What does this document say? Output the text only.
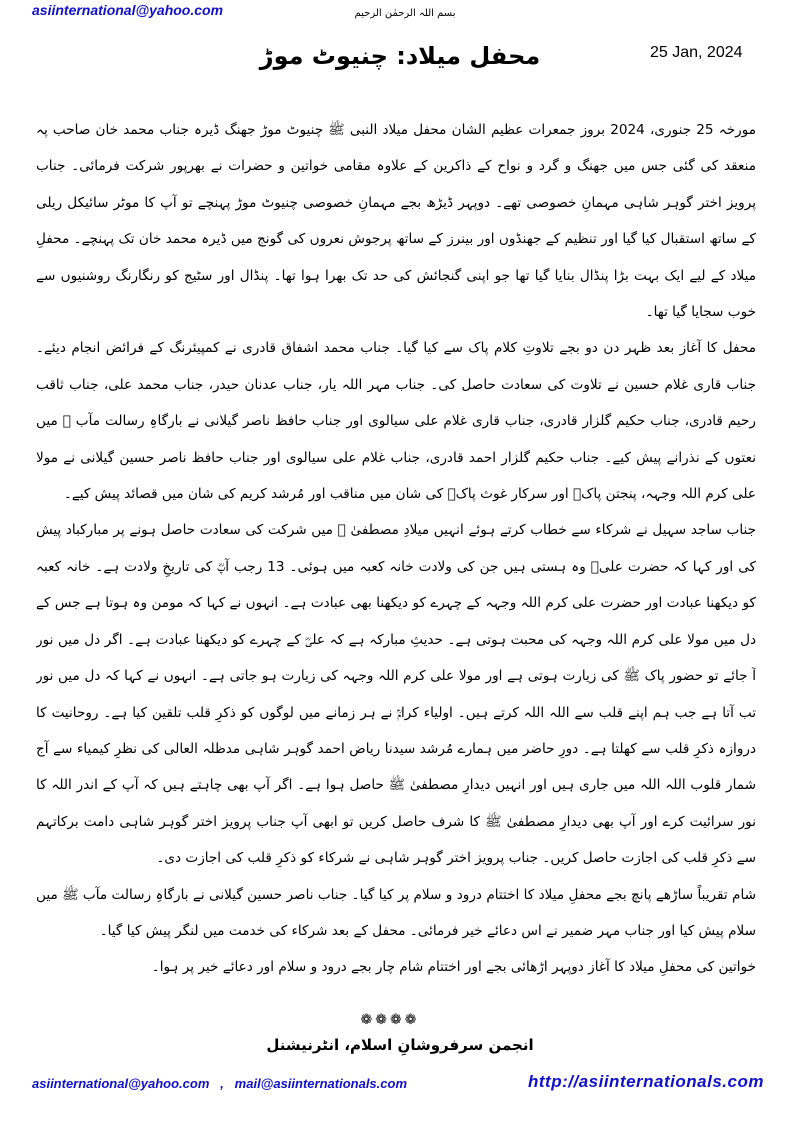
asiinternational@yahoo.com	بسم اللہ الرحمٰن الرحیم
25 Jan, 2024
محفل میلاد: چنیوٹ موڑ

مورخہ 25 جنوری، 2024 بروز جمعرات عظیم الشان محفل میلاد النبی ﷺ چنیوٹ موڑ جھنگ ڈیرہ جناب محمد خان صاحب پہ منعقد کی گئی جس میں جھنگ و گرد و نواح کے ذاکرین کے علاوہ مقامی خواتین و حضرات نے بھرپور شرکت فرمائی۔ جناب پرویز اختر گوہر شاہی مہمانِ خصوصی تھے۔ دوپہر ڈیڑھ بجے مہمانِ خصوصی چنیوٹ موڑ پہنچے تو آپ کا موٹر سائیکل ریلی کے ساتھ استقبال کیا گیا اور تنظیم کے جھنڈوں اور بینرز کے ساتھ پرجوش نعروں کی گونج میں ڈیرہ محمد خان تک پہنچے۔ محفلِ میلاد کے لیے ایک بہت بڑا پنڈال بنایا گیا تھا جو اپنی گنجائش کی حد تک بھرا ہوا تھا۔ پنڈال اور سٹیج کو رنگارنگ روشنیوں سے خوب سجایا گیا تھا۔

محفل کا آغاز بعد ظہر دن دو بجے تلاوتِ کلام پاک سے کیا گیا۔ جناب محمد اشفاق قادری نے کمپیئرنگ کے فرائض انجام دیئے۔ جناب قاری غلام حسین نے تلاوت کی سعادت حاصل کی۔ جناب مہر اللہ یار، جناب عدنان حیدر، جناب محمد علی، جناب ثاقب رحیم قادری، جناب حکیم گلزار قادری، جناب قاری غلام علی سیالوی اور جناب حافظ ناصر گیلانی نے بارگاہِ رسالت مآب ﷺ میں نعتوں کے نذرانے پیش کیے۔ جناب حکیم گلزار احمد قادری، جناب غلام علی سیالوی اور جناب حافظ ناصر حسین گیلانی نے مولا علی کرم اللہ وجہہ، پنجتن پاکؑ اور سرکار غوث پاکؓ کی شان میں مناقب اور مُرشد کریم کی شان میں قصائد پیش کیے۔

جناب ساجد سہیل نے شرکاء سے خطاب کرتے ہوئے انہیں میلادِ مصطفیٰ ﷺ میں شرکت کی سعادت حاصل ہونے پر مبارکباد پیش کی اور کہا کہ حضرت علیؓ وہ ہستی ہیں جن کی ولادت خانہ کعبہ میں ہوئی۔ 13 رجب آپؓ کی تاریخِ ولادت ہے۔ خانہ کعبہ کو دیکھنا عبادت اور حضرت علی کرم اللہ وجہہ کے چہرے کو دیکھنا بھی عبادت ہے۔ انہوں نے کہا کہ مومن وہ ہوتا ہے جس کے دل میں مولا علی کرم اللہ وجہہ کی محبت ہوتی ہے۔ حدیثِ مبارکہ ہے کہ علیؓ کے چہرے کو دیکھنا عبادت ہے۔ اگر دل میں نور آ جائے تو حضور پاک ﷺ کی زیارت ہوتی ہے اور مولا علی کرم اللہ وجہہ کی زیارت ہو جاتی ہے۔ انہوں نے کہا کہ دل میں نور تب آتا ہے جب ہم اپنے قلب سے اللہ اللہ کرتے ہیں۔ اولیاء کرامؒ نے ہر زمانے میں لوگوں کو ذکرِ قلب تلقین کیا ہے۔ روحانیت کا دروازہ ذکرِ قلب سے کھلتا ہے۔ دورِ حاضر میں ہمارے مُرشد سیدنا ریاض احمد گوہر شاہی مدظلہ العالی کی نظرِ کیمیاء سے آج شمار قلوب اللہ اللہ میں جاری ہیں اور انہیں دیدارِ مصطفیٰ ﷺ حاصل ہوا ہے۔ اگر آپ بھی چاہتے ہیں کہ آپ کے اندر اللہ کا نور سرائیت کرے اور آپ بھی دیدارِ مصطفیٰ ﷺ کا شرف حاصل کریں تو ابھی آپ جناب پرویز اختر گوہر شاہی دامت برکاتہم سے ذکرِ قلب کی اجازت حاصل کریں۔ جناب پرویز اختر گوہر شاہی نے شرکاء کو ذکرِ قلب کی اجازت دی۔

شام تقریباً ساڑھے پانچ بجے محفلِ میلاد کا اختتام درود و سلام پر کیا گیا۔ جناب ناصر حسین گیلانی نے بارگاہِ رسالت مآب ﷺ میں سلام پیش کیا اور جناب مہر ضمیر نے اس دعائے خیر فرمائی۔ محفل کے بعد شرکاء کی خدمت میں لنگر پیش کیا گیا۔

خواتین کی محفلِ میلاد کا آغاز دوپہر اڑھائی بجے اور اختتام شام چار بجے درود و سلام اور دعائے خیر پر ہوا۔

❁❁❁❁
انجمن سرفروشانِ اسلام، انٹرنیشنل
asiinternational@yahoo.com   ,   mail@asiinternationals.com	http://asiinternationals.com
